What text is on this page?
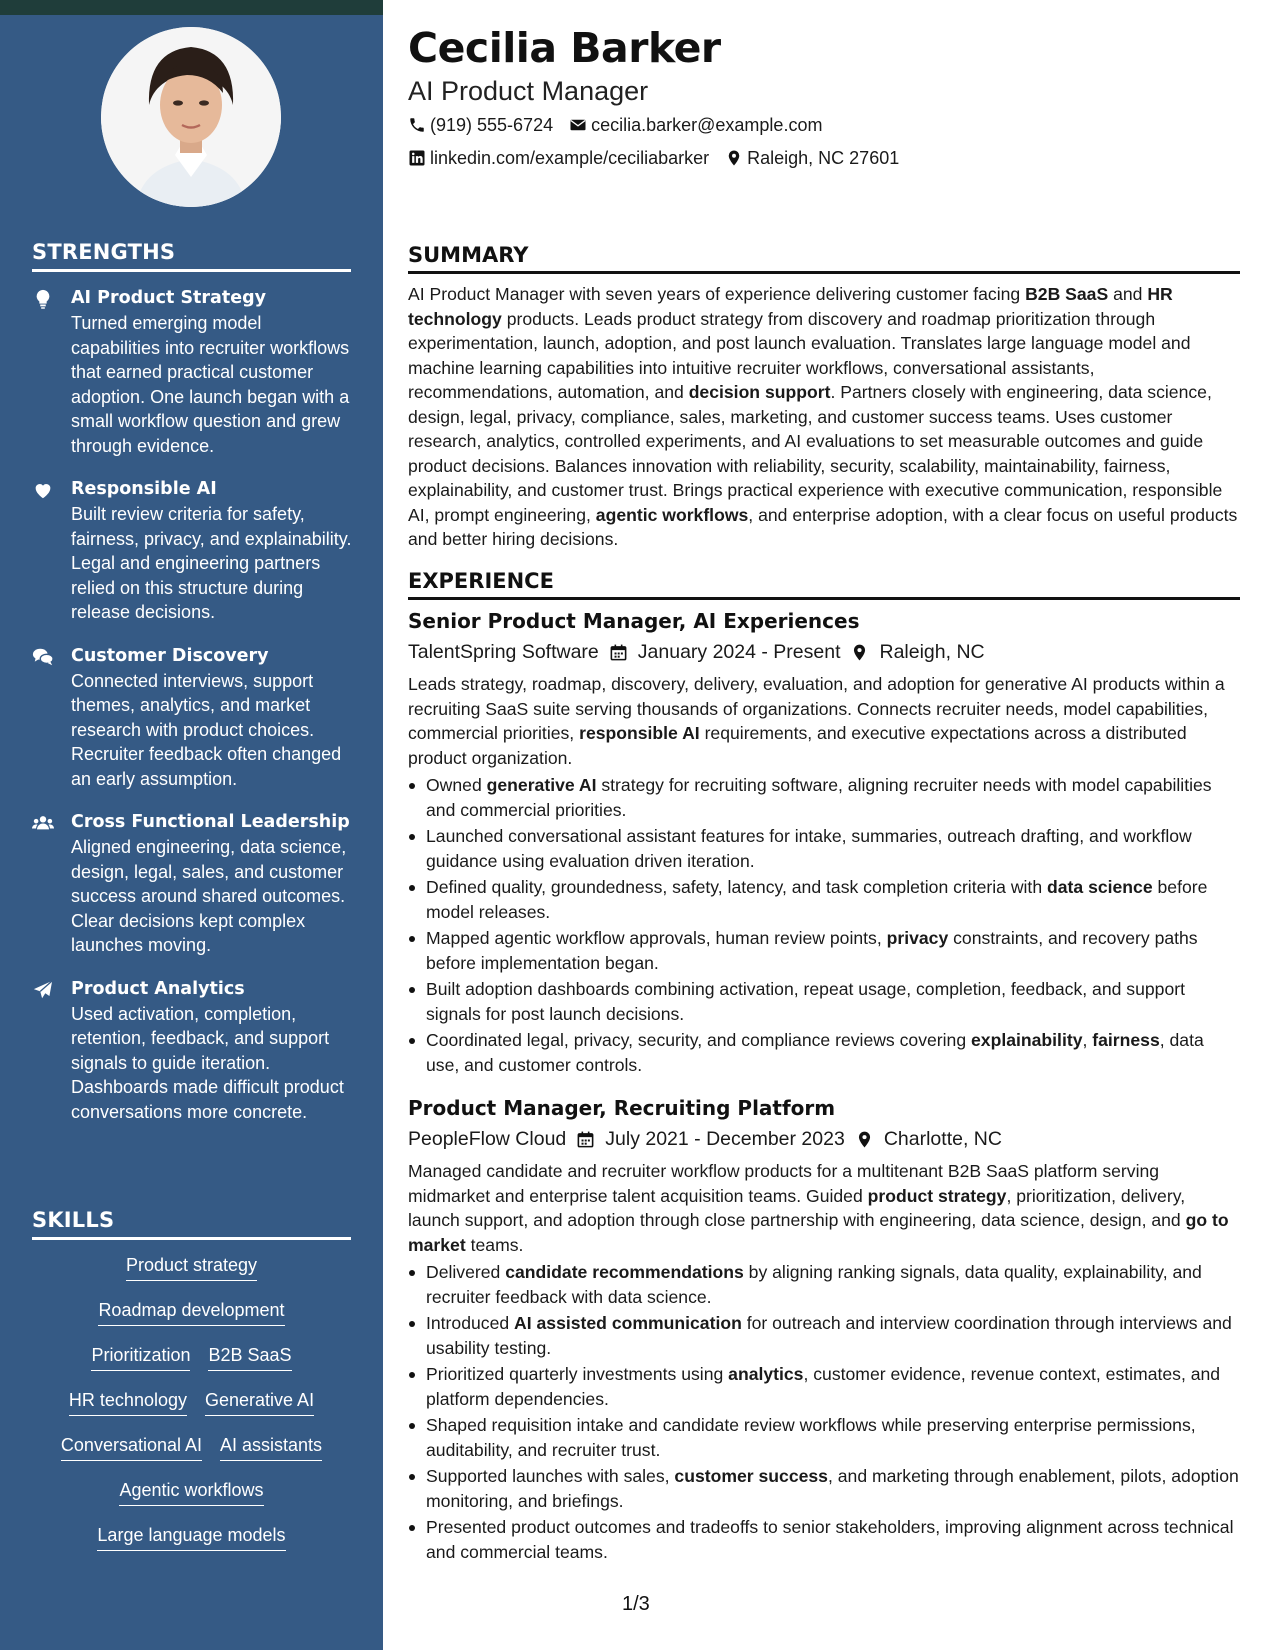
STRENGTHS
AI Product Strategy
Turned emerging model capabilities into recruiter workflows that earned practical customer adoption. One launch began with a small workflow question and grew through evidence.
Responsible AI
Built review criteria for safety, fairness, privacy, and explainability. Legal and engineering partners relied on this structure during release decisions.
Customer Discovery
Connected interviews, support themes, analytics, and market research with product choices. Recruiter feedback often changed an early assumption.
Cross Functional Leadership
Aligned engineering, data science, design, legal, sales, and customer success around shared outcomes. Clear decisions kept complex launches moving.
Product Analytics
Used activation, completion, retention, feedback, and support signals to guide iteration. Dashboards made difficult product conversations more concrete.
SKILLS
Product strategy
Roadmap development
Prioritization B2B SaaS
HR technology Generative AI
Conversational AI AI assistants
Agentic workflows
Large language models
Cecilia Barker
AI Product Manager
(919) 555-6724 cecilia.barker@example.com
linkedin.com/example/ceciliabarker Raleigh, NC 27601
SUMMARY
AI Product Manager with seven years of experience delivering customer facing B2B SaaS and HR technology products. Leads product strategy from discovery and roadmap prioritization through experimentation, launch, adoption, and post launch evaluation. Translates large language model and machine learning capabilities into intuitive recruiter workflows, conversational assistants, recommendations, automation, and decision support. Partners closely with engineering, data science, design, legal, privacy, compliance, sales, marketing, and customer success teams. Uses customer research, analytics, controlled experiments, and AI evaluations to set measurable outcomes and guide product decisions. Balances innovation with reliability, security, scalability, maintainability, fairness, explainability, and customer trust. Brings practical experience with executive communication, responsible AI, prompt engineering, agentic workflows, and enterprise adoption, with a clear focus on useful products and better hiring decisions.
EXPERIENCE
Senior Product Manager, AI Experiences
TalentSpring Software January 2024 - Present Raleigh, NC
Leads strategy, roadmap, discovery, delivery, evaluation, and adoption for generative AI products within a recruiting SaaS suite serving thousands of organizations. Connects recruiter needs, model capabilities, commercial priorities, responsible AI requirements, and executive expectations across a distributed product organization.
Owned generative AI strategy for recruiting software, aligning recruiter needs with model capabilities and commercial priorities.
Launched conversational assistant features for intake, summaries, outreach drafting, and workflow guidance using evaluation driven iteration.
Defined quality, groundedness, safety, latency, and task completion criteria with data science before model releases.
Mapped agentic workflow approvals, human review points, privacy constraints, and recovery paths before implementation began.
Built adoption dashboards combining activation, repeat usage, completion, feedback, and support signals for post launch decisions.
Coordinated legal, privacy, security, and compliance reviews covering explainability, fairness, data use, and customer controls.
Product Manager, Recruiting Platform
PeopleFlow Cloud July 2021 - December 2023 Charlotte, NC
Managed candidate and recruiter workflow products for a multitenant B2B SaaS platform serving midmarket and enterprise talent acquisition teams. Guided product strategy, prioritization, delivery, launch support, and adoption through close partnership with engineering, data science, design, and go to market teams.
Delivered candidate recommendations by aligning ranking signals, data quality, explainability, and recruiter feedback with data science.
Introduced AI assisted communication for outreach and interview coordination through interviews and usability testing.
Prioritized quarterly investments using analytics, customer evidence, revenue context, estimates, and platform dependencies.
Shaped requisition intake and candidate review workflows while preserving enterprise permissions, auditability, and recruiter trust.
Supported launches with sales, customer success, and marketing through enablement, pilots, adoption monitoring, and briefings.
Presented product outcomes and tradeoffs to senior stakeholders, improving alignment across technical and commercial teams.
1/3
